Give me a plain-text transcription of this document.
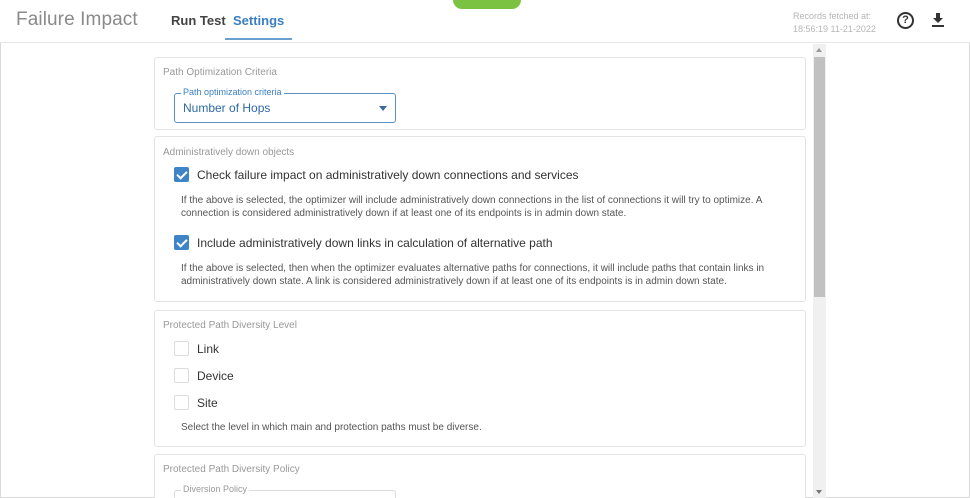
Failure Impact	Run Test Settings	Records fetched at:
18:56:19 11-21-2022
?
Path Optimization Criteria
Path optimization criteria
Number of Hops
Administratively down objects
Check failure impact on administratively down connections and services
If the above is selected, the optimizer will include administratively down connections in the list of connections it will try to optimize. A
connection is considered administratively down if at least one of its endpoints is in admin down state.
Include administratively down links in calculation of alternative path
If the above is selected, then when the optimizer evaluates alternative paths for connections, it will include paths that contain links in
administratively down state. A link is considered administratively down if at least one of its endpoints is in admin down state.
Protected Path Diversity Level
Link
Device
Site
Select the level in which main and protection paths must be diverse.
Protected Path Diversity Policy
Diversion Policy
